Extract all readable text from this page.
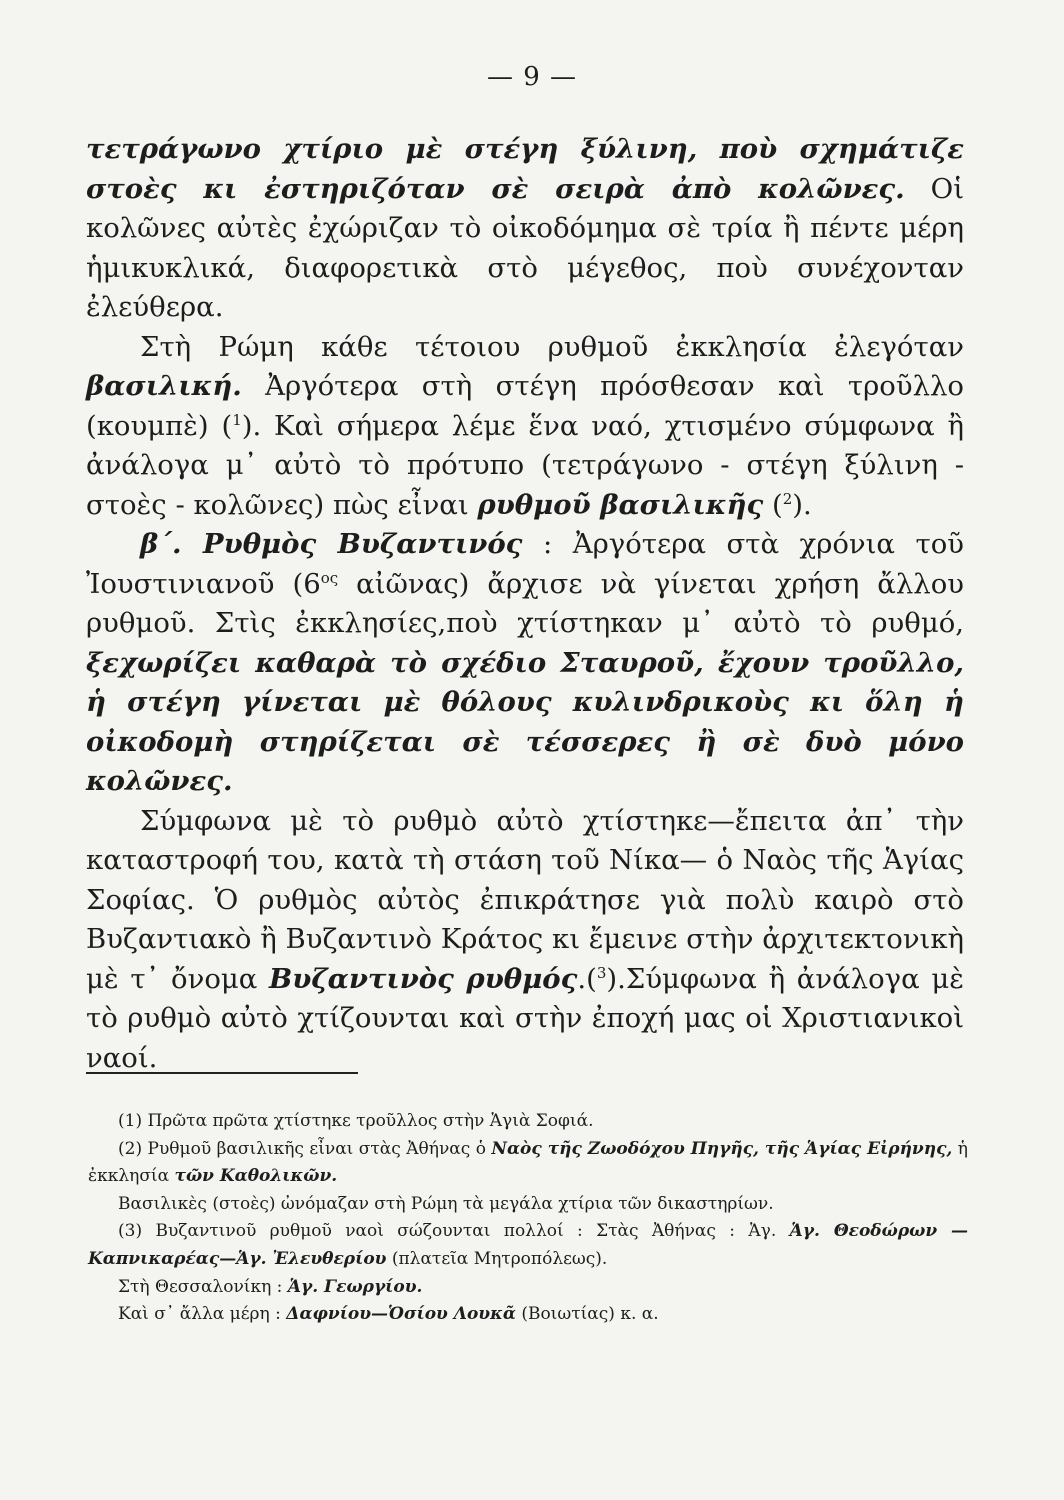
— 9 —

τετράγωνο χτίριο μὲ στέγη ξύλινη, ποὺ σχημάτιζε στοὲς κι ἐστηριζόταν σὲ σειρὰ ἀπὸ κολῶνες. Οἱ κολῶνες αὐτὲς ἐχώριζαν τὸ οἰκοδόμημα σὲ τρία ἢ πέντε μέρη ἡμικυκλικά, διαφορετικὰ στὸ μέγεθος, ποὺ συνέχονταν ἐλεύθερα.

Στὴ Ρώμη κάθε τέτοιου ρυθμοῦ ἐκκλησία ἐλεγόταν βασιλική. Ἀργότερα στὴ στέγη πρόσθεσαν καὶ τροῦλλο (κουμπὲ) ($^1$). Καὶ σήμερα λέμε ἕνα ναό, χτισμένο σύμφωνα ἢ ἀνάλογα μ᾽ αὐτὸ τὸ πρότυπο (τετράγωνο - στέγη ξύλινη - στοὲς - κολῶνες) πὼς εἶναι ρυθμοῦ βασιλικῆς ($^2$).

β΄. Ρυθμὸς Βυζαντινός : Ἀργότερα στὰ χρόνια τοῦ Ἰουστινιανοῦ ($6^{o\varsigma}$ αἰῶνας) ἄρχισε νὰ γίνεται χρήση ἄλλου ρυθμοῦ. Στὶς ἐκκλησίες,ποὺ χτίστηκαν μ᾽ αὐτὸ τὸ ρυθμό, ξεχωρίζει καθαρὰ τὸ σχέδιο Σταυροῦ, ἔχουν τροῦλλο, ἡ στέγη γίνεται μὲ θόλους κυλινδρικοὺς κι ὅλη ἡ οἰκοδομὴ στηρίζεται σὲ τέσσερες ἢ σὲ δυὸ μόνο κολῶνες.

Σύμφωνα μὲ τὸ ρυθμὸ αὐτὸ χτίστηκε—ἔπειτα ἀπ᾽ τὴν καταστροφή του, κατὰ τὴ στάση τοῦ Νίκα— ὁ Ναὸς τῆς Ἁγίας Σοφίας. Ὁ ρυθμὸς αὐτὸς ἐπικράτησε γιὰ πολὺ καιρὸ στὸ Βυζαντιακὸ ἢ Βυζαντινὸ Κράτος κι ἔμεινε στὴν ἀρχιτεκτονικὴ μὲ τ᾽ ὄνομα Βυζαντινὸς ρυθμός.($^3$).Σύμφωνα ἢ ἀνάλογα μὲ τὸ ρυθμὸ αὐτὸ χτίζουνται καὶ στὴν ἐποχή μας οἱ Χριστιανικοὶ ναοί.

(1) Πρῶτα πρῶτα χτίστηκε τροῦλλος στὴν Ἁγιὰ Σοφιά.

(2) Ρυθμοῦ βασιλικῆς εἶναι στὰς Ἀθήνας ὁ Ναὸς τῆς Ζωοδόχου Πηγῆς, τῆς Ἁγίας Εἰρήνης, ἡ ἐκκλησία τῶν Καθολικῶν.

Βασιλικὲς (στοὲς) ὠνόμαζαν στὴ Ρώμη τὰ μεγάλα χτίρια τῶν δικαστηρίων.

(3) Βυζαντινοῦ ρυθμοῦ ναοὶ σώζουνται πολλοί : Στὰς Ἀθήνας : Ἁγ. Ἁγ. Θεοδώρων —Καπνικαρέας—Ἁγ. Ἐλευθερίου (πλατεῖα Μητροπόλεως).

Στὴ Θεσσαλονίκη : Ἁγ. Γεωργίου.

Καὶ σ᾽ ἄλλα μέρη : Δαφνίου—Ὁσίου Λουκᾶ (Βοιωτίας) κ. α.
